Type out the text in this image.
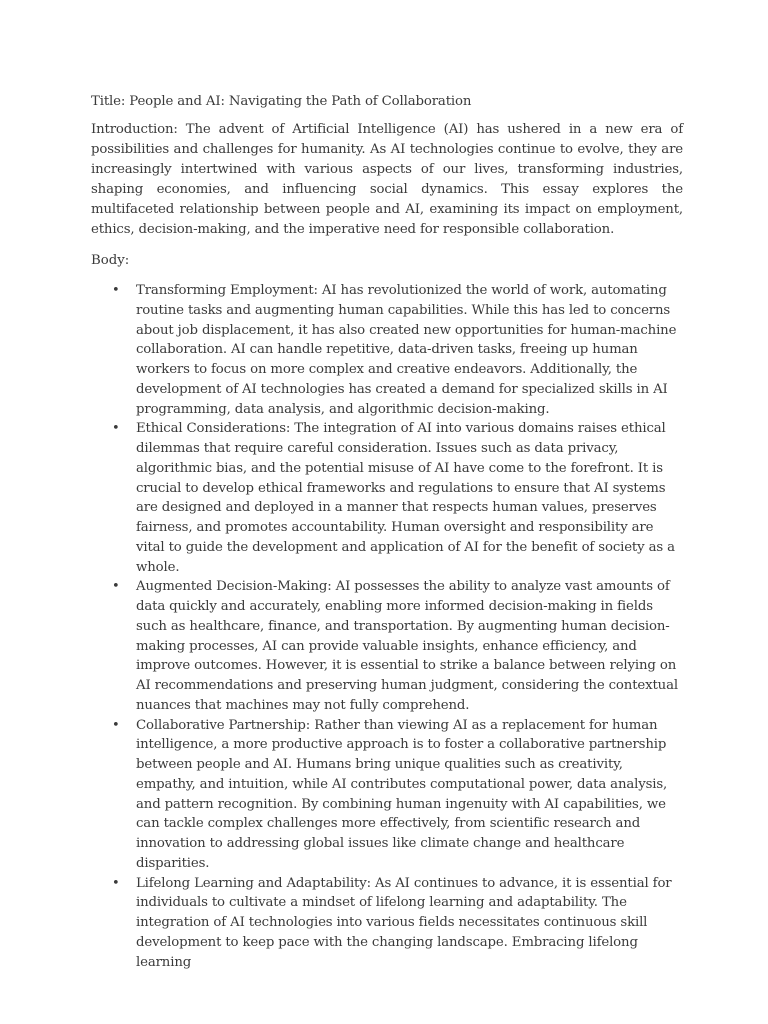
Title: People and AI: Navigating the Path of Collaboration

Introduction: The advent of Artificial Intelligence (AI) has ushered in a new era of possibilities and challenges for humanity. As AI technologies continue to evolve, they are increasingly intertwined with various aspects of our lives, transforming industries, shaping economies, and influencing social dynamics. This essay explores the multifaceted relationship between people and AI, examining its impact on employment, ethics, decision-making, and the imperative need for responsible collaboration.

Body:

• Transforming Employment: AI has revolutionized the world of work, automating routine tasks and augmenting human capabilities. While this has led to concerns about job displacement, it has also created new opportunities for human-machine collaboration. AI can handle repetitive, data-driven tasks, freeing up human workers to focus on more complex and creative endeavors. Additionally, the development of AI technologies has created a demand for specialized skills in AI programming, data analysis, and algorithmic decision-making.
• Ethical Considerations: The integration of AI into various domains raises ethical dilemmas that require careful consideration. Issues such as data privacy, algorithmic bias, and the potential misuse of AI have come to the forefront. It is crucial to develop ethical frameworks and regulations to ensure that AI systems are designed and deployed in a manner that respects human values, preserves fairness, and promotes accountability. Human oversight and responsibility are vital to guide the development and application of AI for the benefit of society as a whole.
• Augmented Decision-Making: AI possesses the ability to analyze vast amounts of data quickly and accurately, enabling more informed decision-making in fields such as healthcare, finance, and transportation. By augmenting human decision-making processes, AI can provide valuable insights, enhance efficiency, and improve outcomes. However, it is essential to strike a balance between relying on AI recommendations and preserving human judgment, considering the contextual nuances that machines may not fully comprehend.
• Collaborative Partnership: Rather than viewing AI as a replacement for human intelligence, a more productive approach is to foster a collaborative partnership between people and AI. Humans bring unique qualities such as creativity, empathy, and intuition, while AI contributes computational power, data analysis, and pattern recognition. By combining human ingenuity with AI capabilities, we can tackle complex challenges more effectively, from scientific research and innovation to addressing global issues like climate change and healthcare disparities.
• Lifelong Learning and Adaptability: As AI continues to advance, it is essential for individuals to cultivate a mindset of lifelong learning and adaptability. The integration of AI technologies into various fields necessitates continuous skill development to keep pace with the changing landscape. Embracing lifelong learning
